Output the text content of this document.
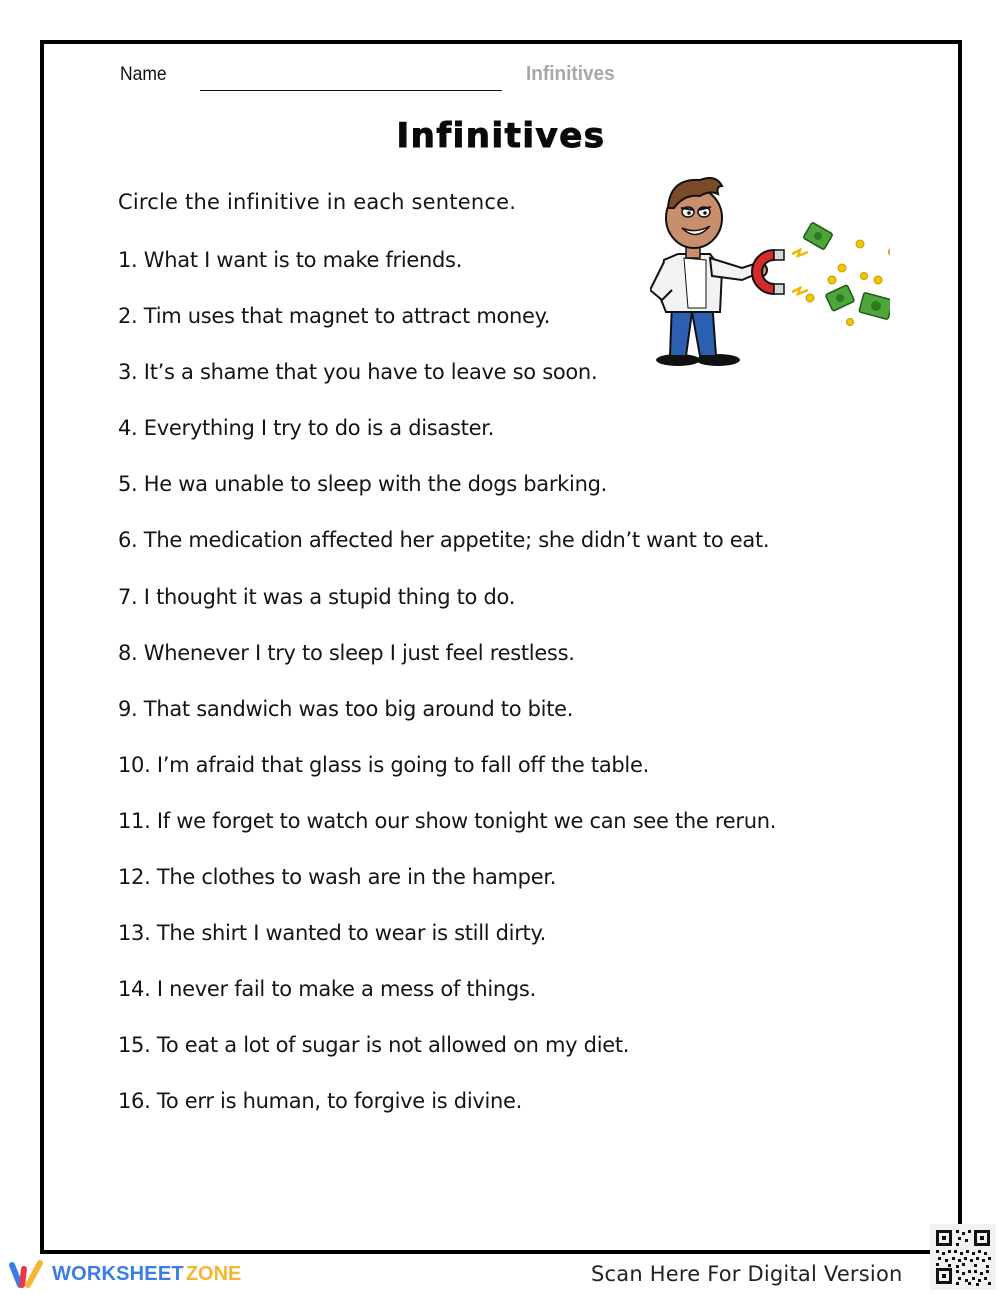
Name	Infinitives
Infinitives
Circle the infinitive in each sentence.
1. What I want is to make friends.
2. Tim uses that magnet to attract money.
3. It’s a shame that you have to leave so soon.
4. Everything I try to do is a disaster.
5. He wa unable to sleep with the dogs barking.
6. The medication affected her appetite; she didn’t want to eat.
7. I thought it was a stupid thing to do.
8. Whenever I try to sleep I just feel restless.
9. That sandwich was too big around to bite.
10. I’m afraid that glass is going to fall off the table.
11. If we forget to watch our show tonight we can see the rerun.
12. The clothes to wash are in the hamper.
13. The shirt I wanted to wear is still dirty.
14. I never fail to make a mess of things.
15. To eat a lot of sugar is not allowed on my diet.
16. To err is human, to forgive is divine.
WORKSHEET ZONE	Scan Here For Digital Version
